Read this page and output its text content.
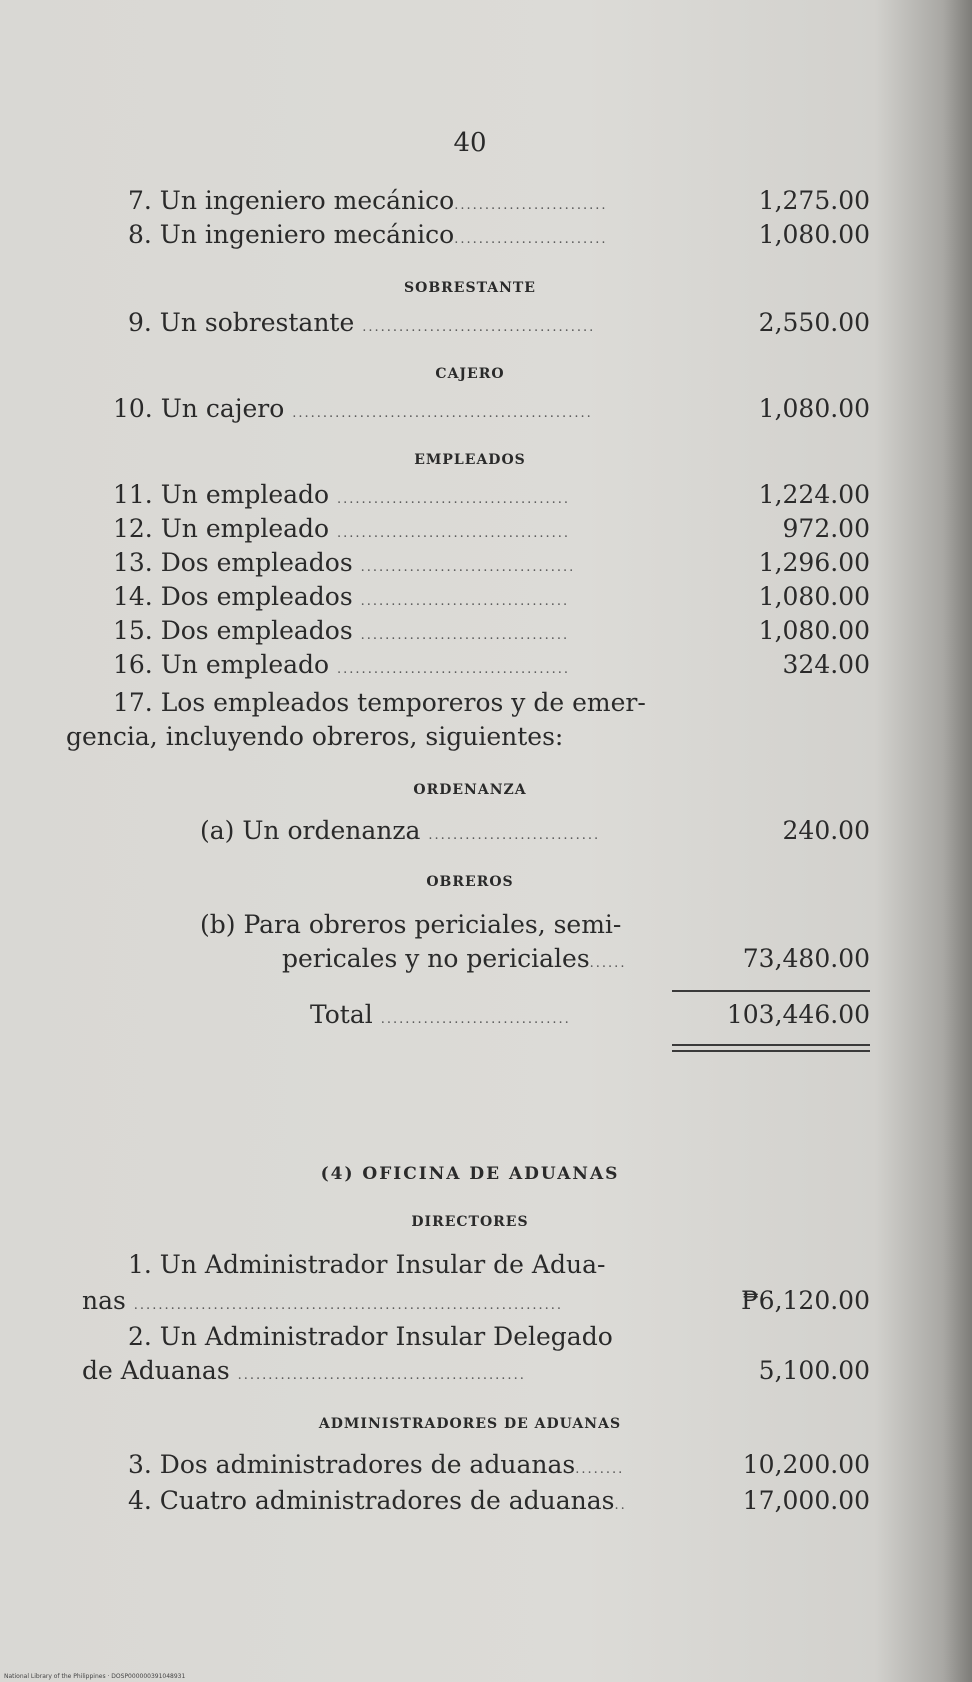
40
7. Un ingeniero mecánico.........................	1,275.00
8. Un ingeniero mecánico.........................	1,080.00
SOBRESTANTE
9. Un sobrestante ......................................	2,550.00
CAJERO
10. Un cajero .................................................	1,080.00
EMPLEADOS
11. Un empleado ......................................	1,224.00
12. Un empleado ......................................	972.00
13. Dos empleados ...................................	1,296.00
14. Dos empleados ..................................	1,080.00
15. Dos empleados ..................................	1,080.00
16. Un empleado ......................................	324.00
17. Los empleados temporeros y de emer-
gencia, incluyendo obreros, siguientes:
ORDENANZA
(a) Un ordenanza ............................	240.00
OBREROS
(b) Para obreros periciales, semi-
pericales y no periciales......	73,480.00
Total ...............................	103,446.00
(4) OFICINA DE ADUANAS
DIRECTORES
1. Un Administrador Insular de Adua-
nas ......................................................................	₱6,120.00
2. Un Administrador Insular Delegado
de Aduanas ...............................................	5,100.00
ADMINISTRADORES DE ADUANAS
3. Dos administradores de aduanas........	10,200.00
4. Cuatro administradores de aduanas..	17,000.00
National Library of the Philippines · DOSP000000391048931
